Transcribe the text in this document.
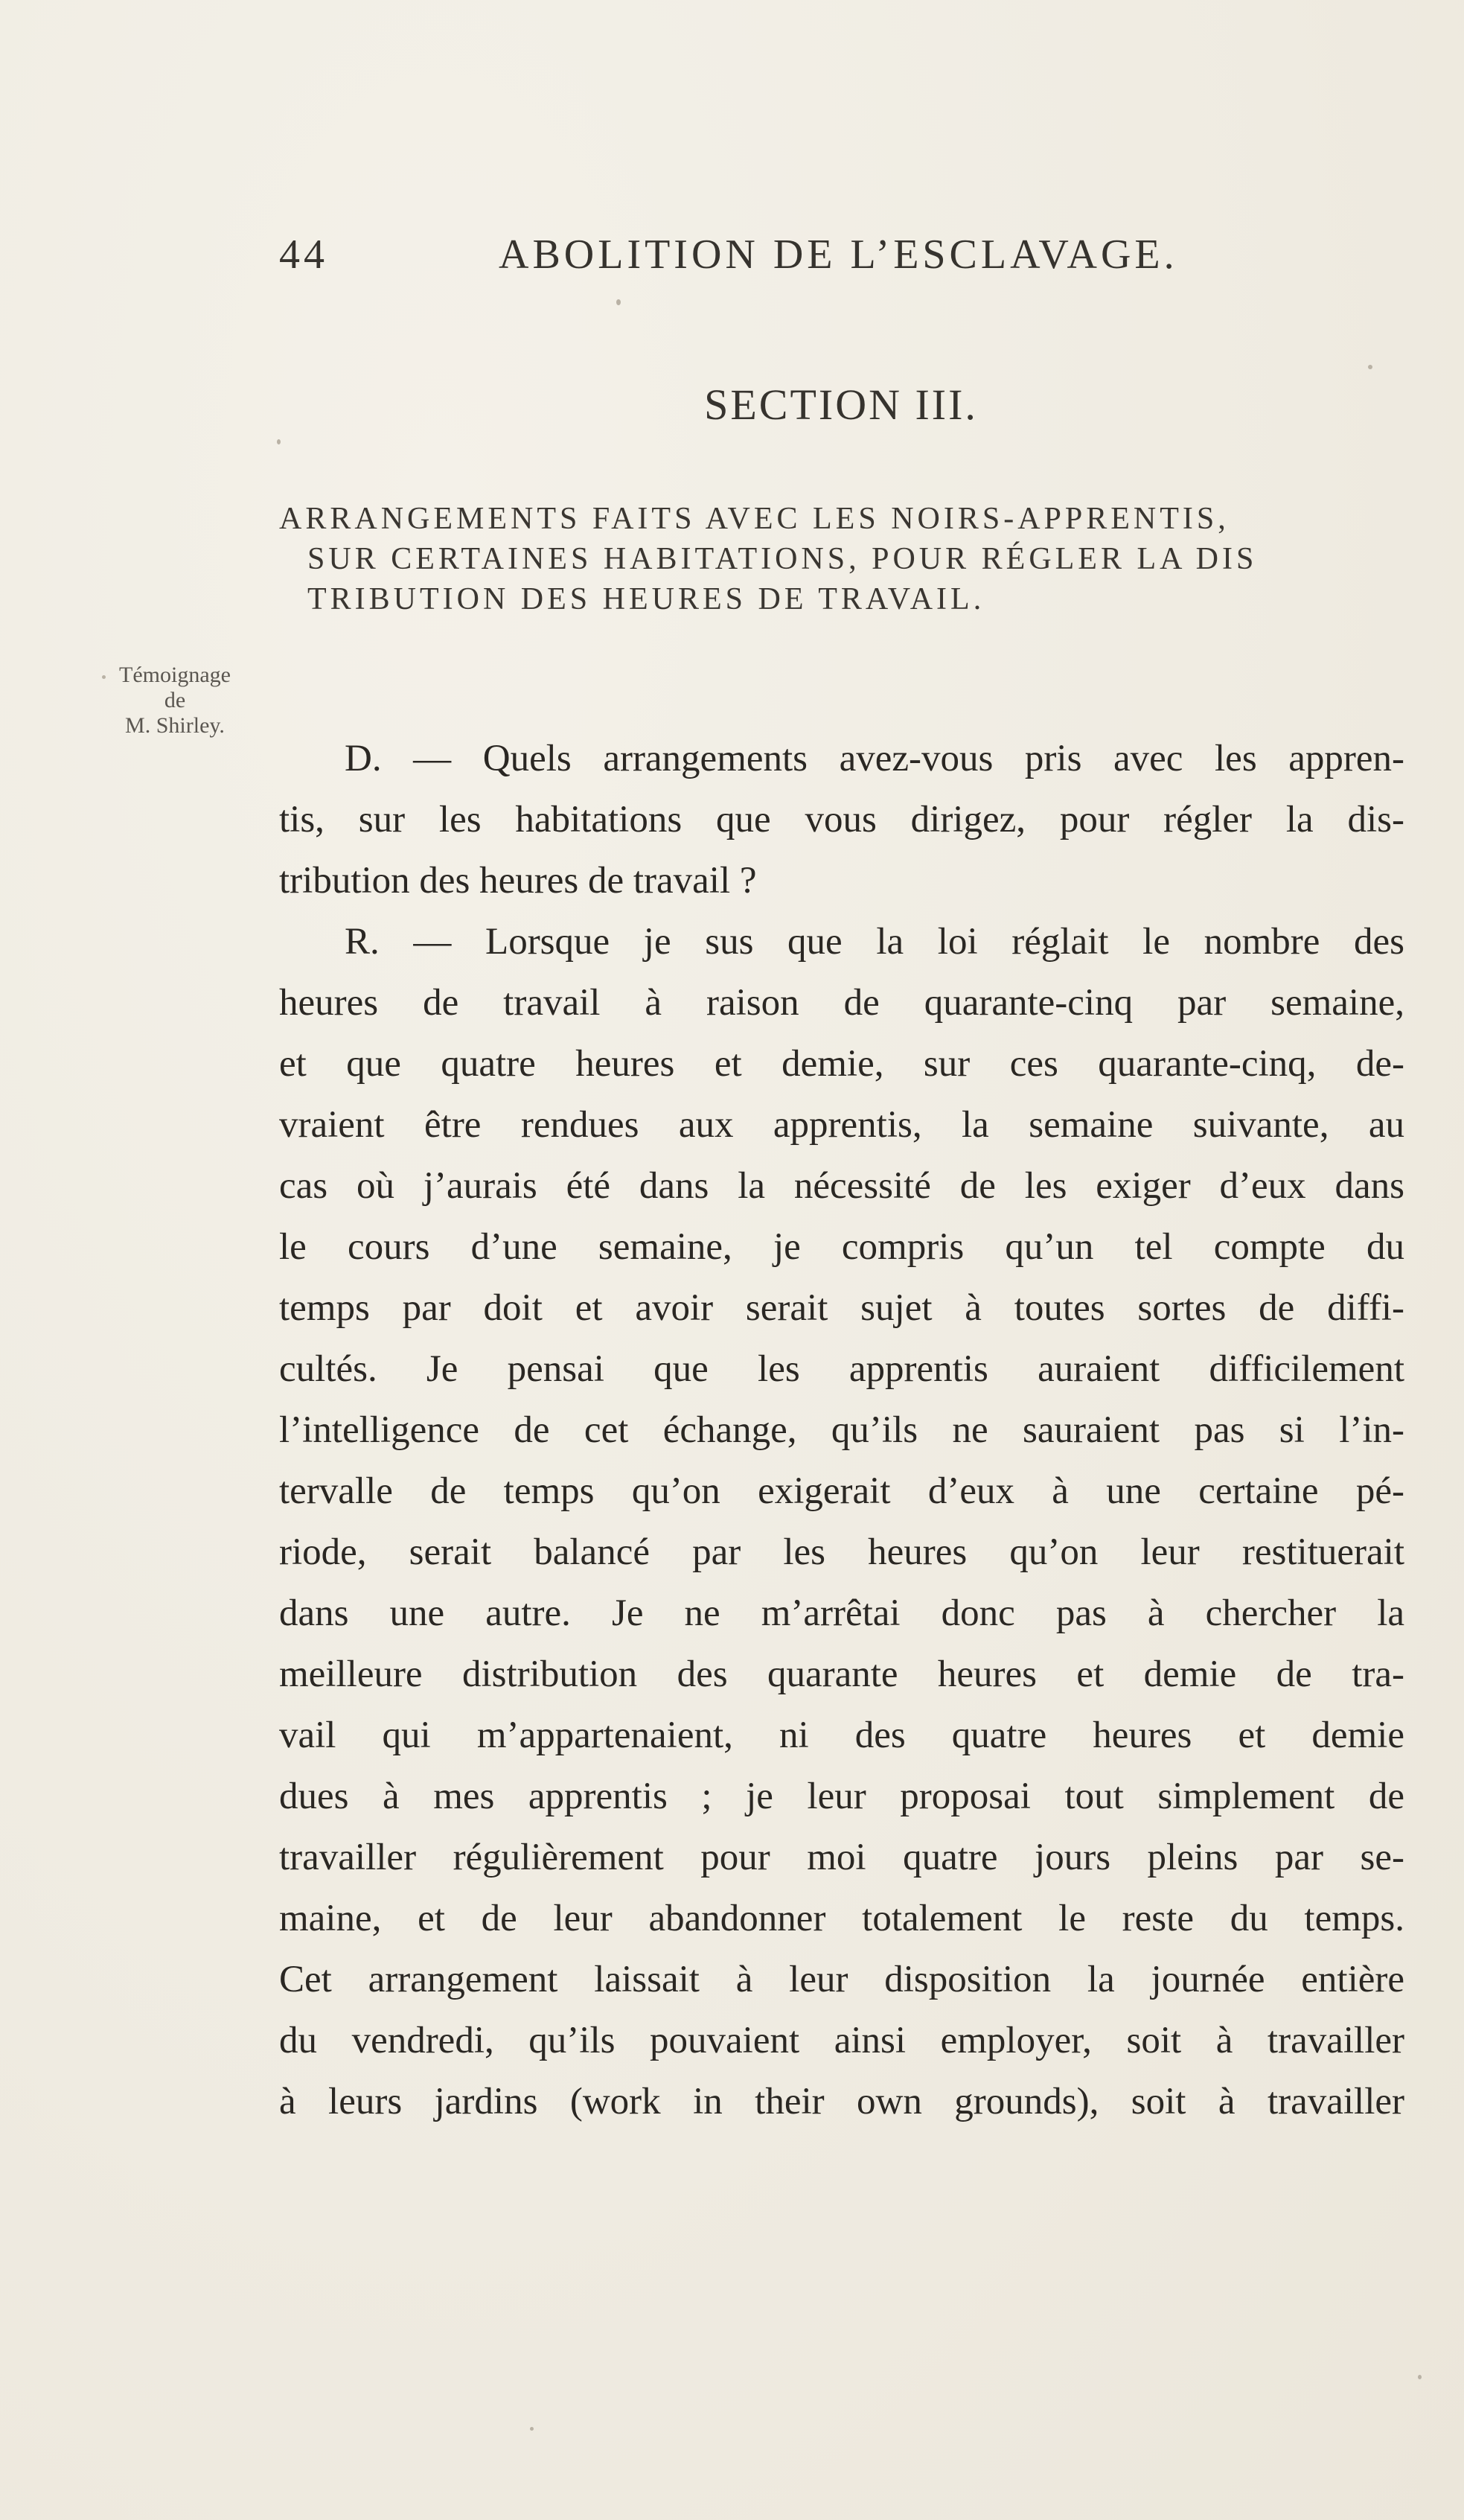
44	ABOLITION DE L’ESCLAVAGE.
SECTION III.
ARRANGEMENTS FAITS AVEC LES NOIRS-APPRENTIS,
SUR CERTAINES HABITATIONS, POUR RÉGLER LA DIS
TRIBUTION DES HEURES DE TRAVAIL.
Témoignage
de
M. Shirley.
D. — Quels arrangements avez-vous pris avec les appren-
tis, sur les habitations que vous dirigez, pour régler la dis-
tribution des heures de travail ?
R. — Lorsque je sus que la loi réglait le nombre des
heures de travail à raison de quarante-cinq par semaine,
et que quatre heures et demie, sur ces quarante-cinq, de-
vraient être rendues aux apprentis, la semaine suivante, au
cas où j’aurais été dans la nécessité de les exiger d’eux dans
le cours d’une semaine, je compris qu’un tel compte du
temps par doit et avoir serait sujet à toutes sortes de diffi-
cultés. Je pensai que les apprentis auraient difficilement
l’intelligence de cet échange, qu’ils ne sauraient pas si l’in-
tervalle de temps qu’on exigerait d’eux à une certaine pé-
riode, serait balancé par les heures qu’on leur restituerait
dans une autre. Je ne m’arrêtai donc pas à chercher la
meilleure distribution des quarante heures et demie de tra-
vail qui m’appartenaient, ni des quatre heures et demie
dues à mes apprentis ; je leur proposai tout simplement de
travailler régulièrement pour moi quatre jours pleins par se-
maine, et de leur abandonner totalement le reste du temps.
Cet arrangement laissait à leur disposition la journée entière
du vendredi, qu’ils pouvaient ainsi employer, soit à travailler
à leurs jardins (work in their own grounds), soit à travailler
